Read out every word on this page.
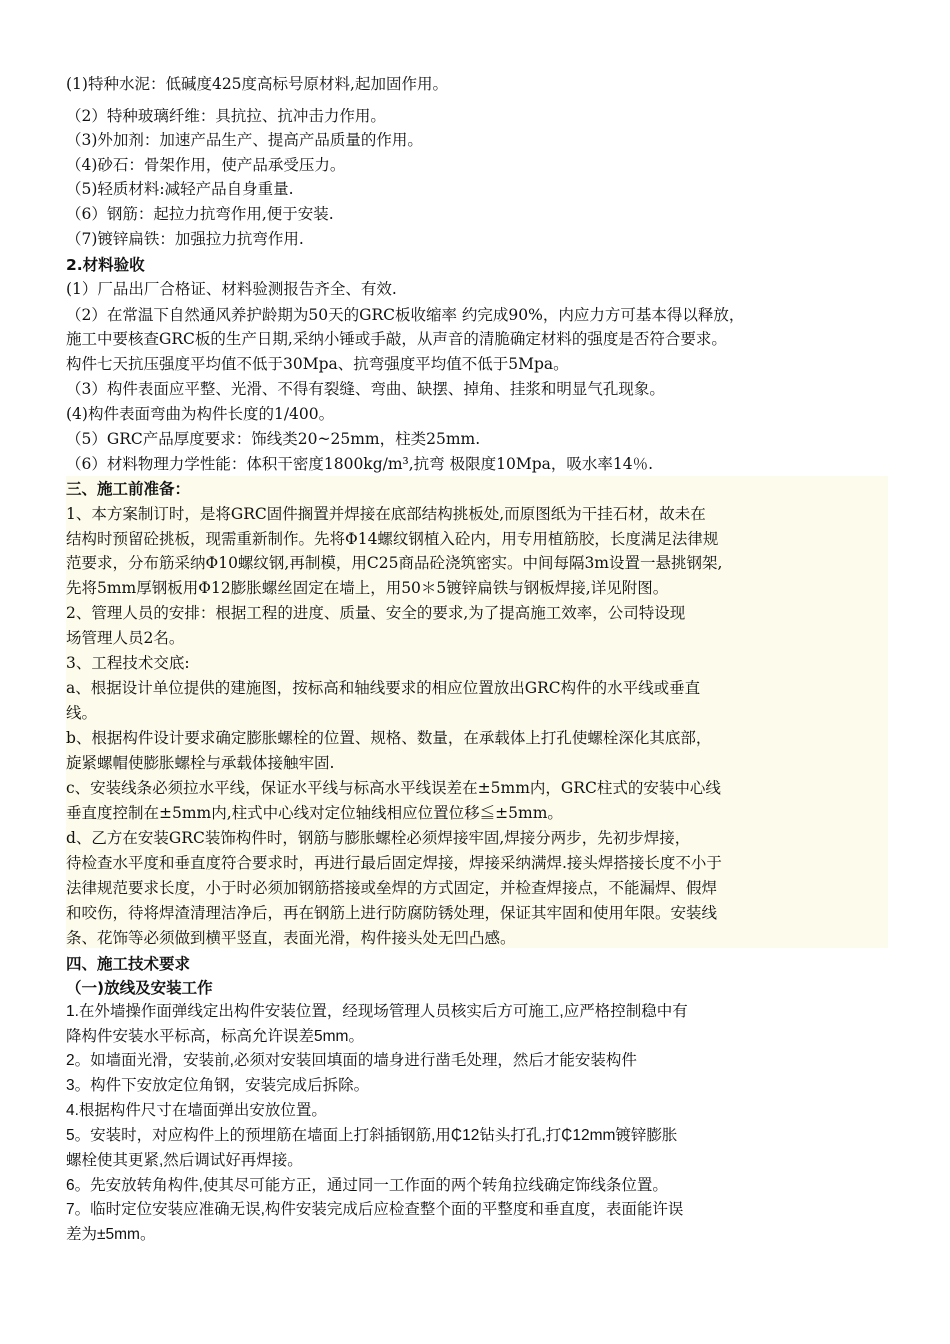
(1)特种水泥：低碱度425度高标号原材料,起加固作用。
（2）特种玻璃纤维：具抗拉、抗冲击力作用。
（3)外加剂：加速产品生产、提高产品质量的作用。
（4)砂石：骨架作用，使产品承受压力。
（5)轻质材料:减轻产品自身重量.
（6）钢筋：起拉力抗弯作用,便于安装.
（7)镀锌扁铁：加强拉力抗弯作用.
2.材料验收
(1）厂品出厂合格证、材料验测报告齐全、有效.
（2）在常温下自然通风养护龄期为50天的GRC板收缩率 约完成90%，内应力方可基本得以释放，
施工中要核查GRC板的生产日期,采纳小锤或手敲，从声音的清脆确定材料的强度是否符合要求。
构件七天抗压强度平均值不低于30Mpa、抗弯强度平均值不低于5Mpa。
（3）构件表面应平整、光滑、不得有裂缝、弯曲、缺摆、掉角、挂浆和明显气孔现象。
(4)构件表面弯曲为构件长度的1/400。
（5）GRC产品厚度要求：饰线类20~25mm，柱类25mm.
（6）材料物理力学性能：体积干密度1800kg/m³,抗弯 极限度10Mpa，吸水率14％.
三、施工前准备：
1、本方案制订时，是将GRC固件搁置并焊接在底部结构挑板处,而原图纸为干挂石材，故未在
结构时预留砼挑板，现需重新制作。先将Φ14螺纹钢植入砼内，用专用植筋胶，长度满足法律规
范要求，分布筋采纳Φ10螺纹钢,再制模，用C25商品砼浇筑密实。中间每隔3m设置一悬挑钢架,
先将5mm厚钢板用Φ12膨胀螺丝固定在墙上，用50＊5镀锌扁铁与钢板焊接,详见附图。
2、管理人员的安排：根据工程的进度、质量、安全的要求,为了提高施工效率，公司特设现
场管理人员2名。
3、工程技术交底:
a、根据设计单位提供的建施图，按标高和轴线要求的相应位置放出GRC构件的水平线或垂直
线。
b、根据构件设计要求确定膨胀螺栓的位置、规格、数量，在承载体上打孔使螺栓深化其底部，
旋紧螺帽使膨胀螺栓与承载体接触牢固.
c、安装线条必须拉水平线，保证水平线与标高水平线误差在±5mm内，GRC柱式的安装中心线
垂直度控制在±5mm内,柱式中心线对定位轴线相应位置位移≦±5mm。
d、乙方在安装GRC装饰构件时，钢筋与膨胀螺栓必须焊接牢固,焊接分两步，先初步焊接，
待检查水平度和垂直度符合要求时，再进行最后固定焊接，焊接采纳满焊.接头焊搭接长度不小于
法律规范要求长度，小于时必须加钢筋搭接或垒焊的方式固定，并检查焊接点，不能漏焊、假焊
和咬伤，待将焊渣清理洁净后，再在钢筋上进行防腐防锈处理，保证其牢固和使用年限。安装线
条、花饰等必须做到横平竖直，表面光滑，构件接头处无凹凸感。
四、施工技术要求
（一)放线及安装工作
1.在外墙操作面弹线定出构件安装位置，经现场管理人员核实后方可施工,应严格控制稳中有
降构件安装水平标高，标高允许误差5mm。
2。如墙面光滑，安装前,必须对安装回填面的墙身进行凿毛处理，然后才能安装构件
3。构件下安放定位角钢，安装完成后拆除。
4.根据构件尺寸在墙面弹出安放位置。
5。安装时，对应构件上的预埋筋在墙面上打斜插钢筋,用₵12钻头打孔,打₵12mm镀锌膨胀
螺栓使其更紧,然后调试好再焊接。
6。先安放转角构件,使其尽可能方正，通过同一工作面的两个转角拉线确定饰线条位置。
7。临时定位安装应准确无误,构件安装完成后应检查整个面的平整度和垂直度，表面能许误
差为±5mm。
